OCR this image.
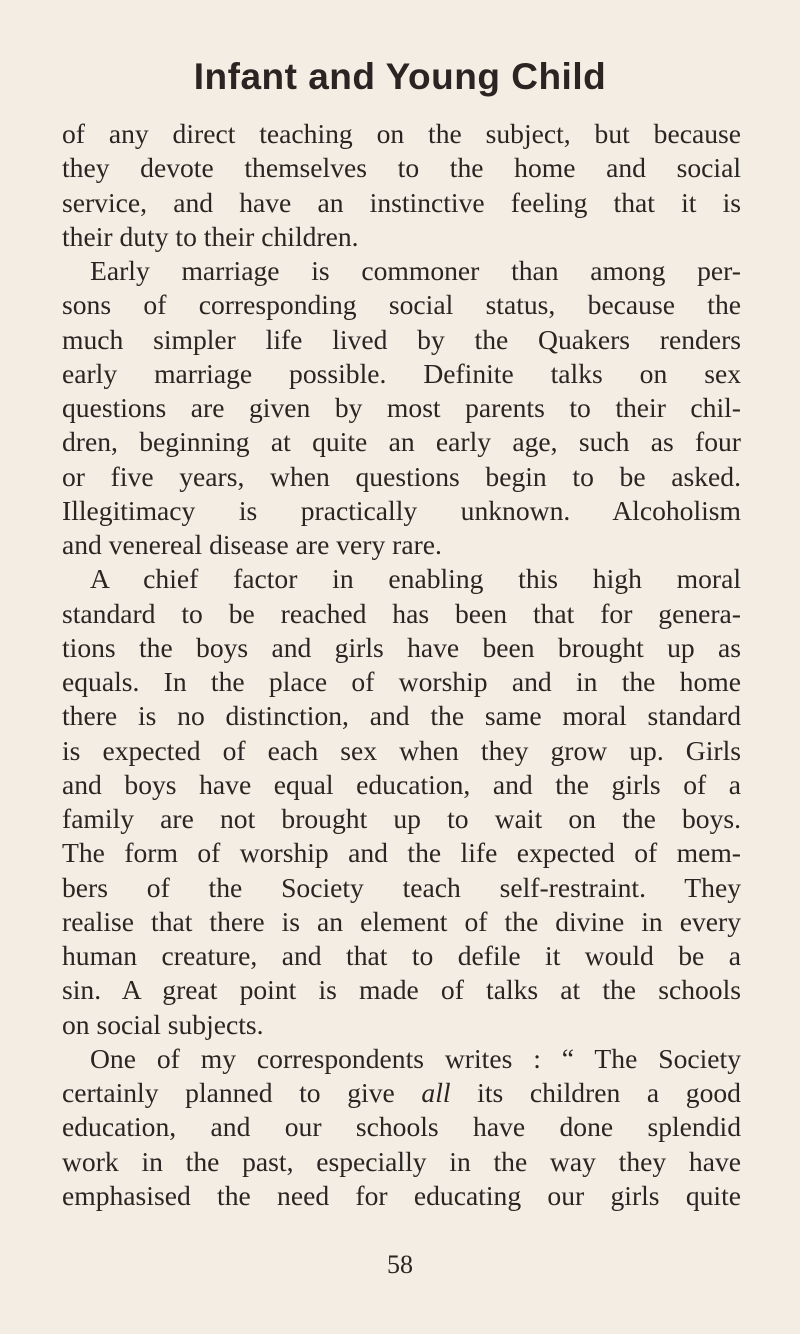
Infant and Young Child

of any direct teaching on the subject, but because
they devote themselves to the home and social
service, and have an instinctive feeling that it is
their duty to their children.

Early marriage is commoner than among per-
sons of corresponding social status, because the
much simpler life lived by the Quakers renders
early marriage possible. Definite talks on sex
questions are given by most parents to their chil-
dren, beginning at quite an early age, such as four
or five years, when questions begin to be asked.
Illegitimacy is practically unknown. Alcoholism
and venereal disease are very rare.

A chief factor in enabling this high moral
standard to be reached has been that for genera-
tions the boys and girls have been brought up as
equals. In the place of worship and in the home
there is no distinction, and the same moral standard
is expected of each sex when they grow up. Girls
and boys have equal education, and the girls of a
family are not brought up to wait on the boys.
The form of worship and the life expected of mem-
bers of the Society teach self-restraint. They
realise that there is an element of the divine in every
human creature, and that to defile it would be a
sin. A great point is made of talks at the schools
on social subjects.

One of my correspondents writes : “ The Society
certainly planned to give all its children a good
education, and our schools have done splendid
work in the past, especially in the way they have
emphasised the need for educating our girls quite

58
